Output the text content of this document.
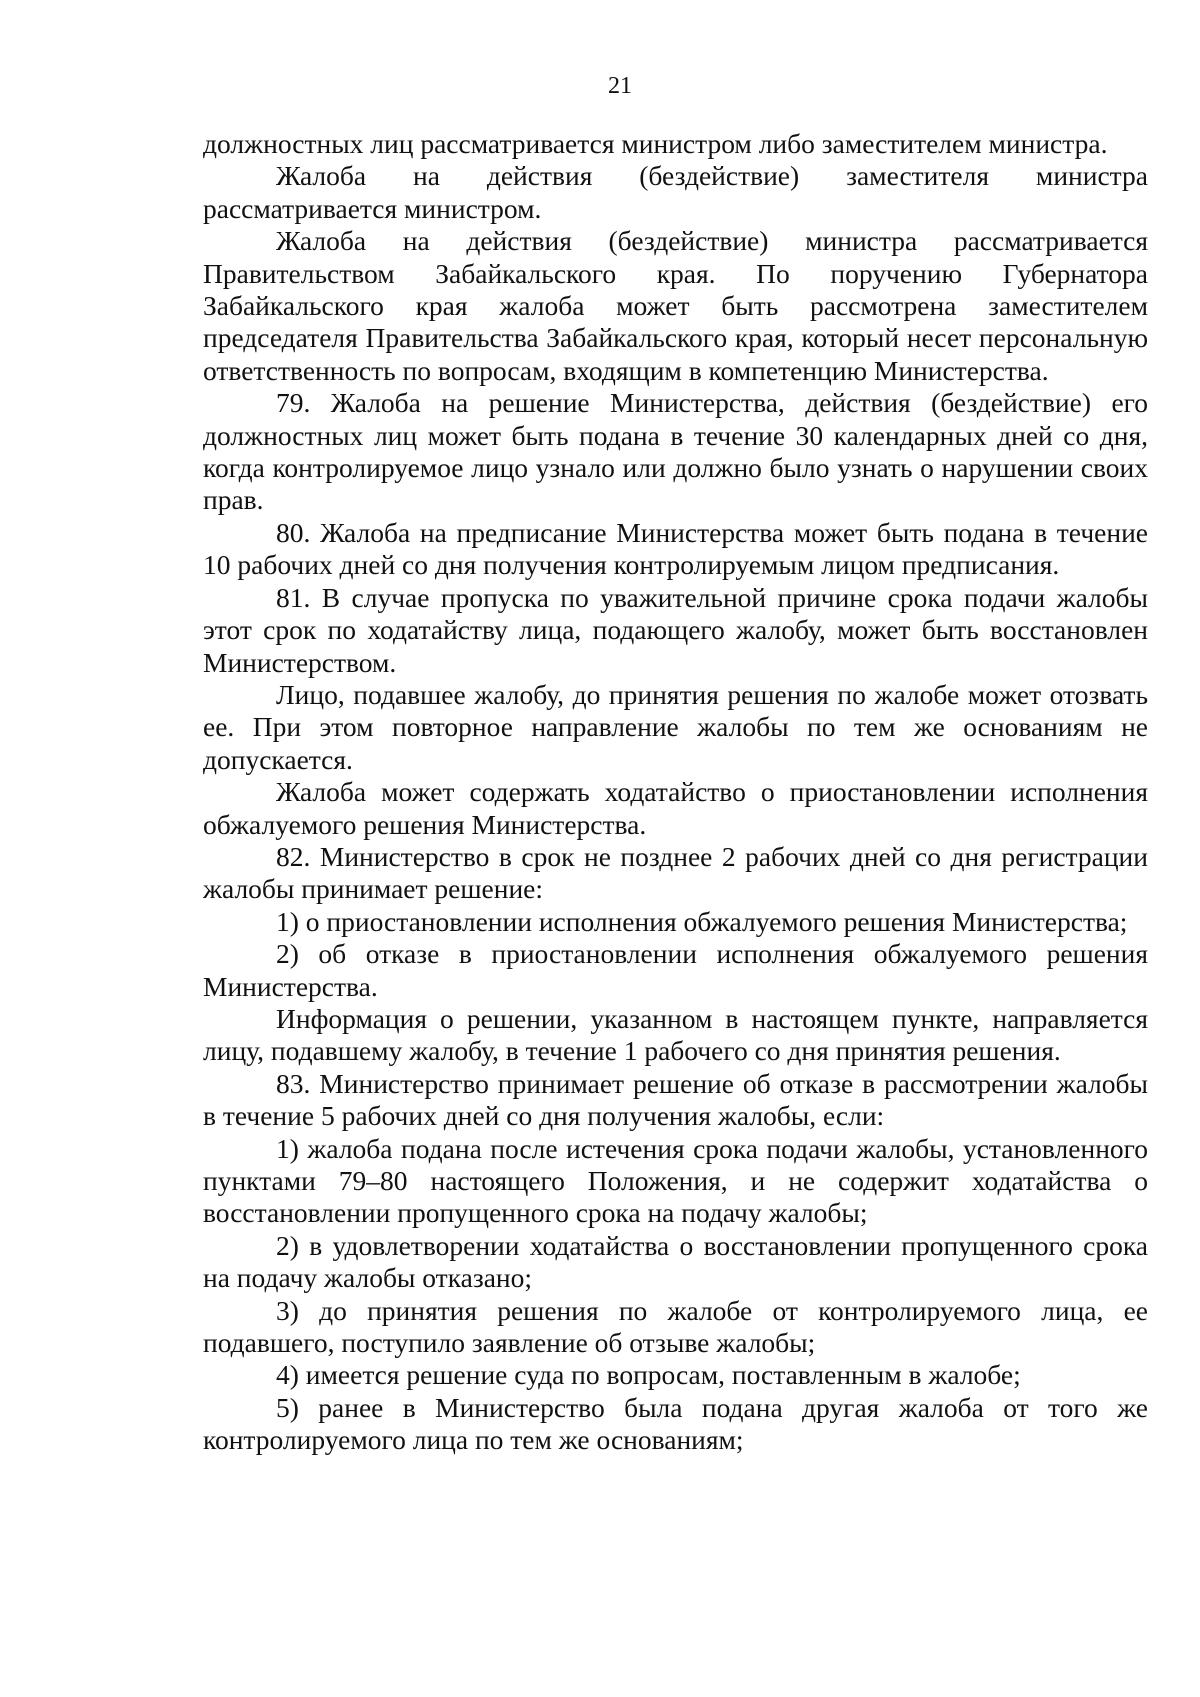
21

должностных лиц рассматривается министром либо заместителем министра.

Жалоба на действия (бездействие) заместителя министра рассматривается министром.

Жалоба на действия (бездействие) министра рассматривается Правительством Забайкальского края. По поручению Губернатора Забайкальского края жалоба может быть рассмотрена заместителем председателя Правительства Забайкальского края, который несет персональную ответственность по вопросам, входящим в компетенцию Министерства.

79. Жалоба на решение Министерства, действия (бездействие) его должностных лиц может быть подана в течение 30 календарных дней со дня, когда контролируемое лицо узнало или должно было узнать о нарушении своих прав.

80. Жалоба на предписание Министерства может быть подана в течение 10 рабочих дней со дня получения контролируемым лицом предписания.

81. В случае пропуска по уважительной причине срока подачи жалобы этот срок по ходатайству лица, подающего жалобу, может быть восстановлен Министерством.

Лицо, подавшее жалобу, до принятия решения по жалобе может отозвать ее. При этом повторное направление жалобы по тем же основаниям не допускается.

Жалоба может содержать ходатайство о приостановлении исполнения обжалуемого решения Министерства.

82. Министерство в срок не позднее 2 рабочих дней со дня регистрации жалобы принимает решение:

1) о приостановлении исполнения обжалуемого решения Министерства;

2) об отказе в приостановлении исполнения обжалуемого решения Министерства.

Информация о решении, указанном в настоящем пункте, направляется лицу, подавшему жалобу, в течение 1 рабочего со дня принятия решения.

83. Министерство принимает решение об отказе в рассмотрении жалобы в течение 5 рабочих дней со дня получения жалобы, если:

1) жалоба подана после истечения срока подачи жалобы, установленного пунктами 79–80 настоящего Положения, и не содержит ходатайства о восстановлении пропущенного срока на подачу жалобы;

2) в удовлетворении ходатайства о восстановлении пропущенного срока на подачу жалобы отказано;

3) до принятия решения по жалобе от контролируемого лица, ее подавшего, поступило заявление об отзыве жалобы;

4) имеется решение суда по вопросам, поставленным в жалобе;

5) ранее в Министерство была подана другая жалоба от того же контролируемого лица по тем же основаниям;
